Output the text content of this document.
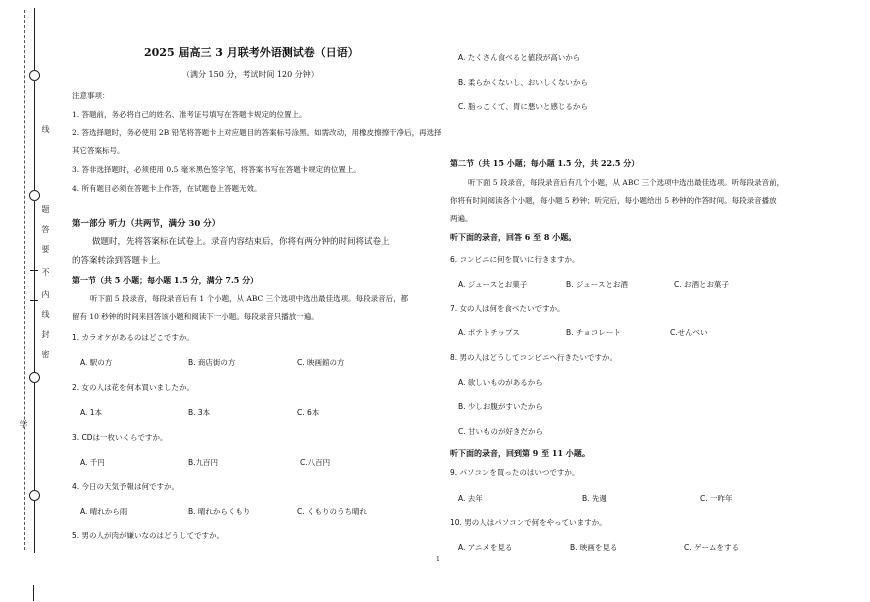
线
题
答
要
不
内
线
封
密
学
2025 届高三 3 月联考外语测试卷（日语）
（满分 150 分，考试时间 120 分钟）
注意事项：
1. 答题前，务必将自己的姓名、准考证号填写在答题卡规定的位置上。
2. 答选择题时，务必使用 2B 铅笔将答题卡上对应题目的答案标号涂黑。如需改动，用橡皮擦擦干净后，再选择
其它答案标号。
3. 答非选择题时，必须使用 0.5 毫米黑色签字笔，将答案书写在答题卡规定的位置上。
4. 所有题目必须在答题卡上作答，在试题卷上答题无效。
第一部分 听力（共两节，满分 30 分）
做题时，先将答案标在试卷上。录音内容结束后，你将有两分钟的时间将试卷上
的答案转涂到答题卡上。
第一节（共 5 小题；每小题 1.5 分，满分 7.5 分）
听下面 5 段录音，每段录音后有 1 个小题，从 ABC 三个选项中选出最佳选项。每段录音后，都
留有 10 秒钟的时间来回答该小题和阅读下一小题。每段录音只播放一遍。
1. カラオケがあるのはどこですか。
A. 駅の方	B. 商店街の方	C. 映画館の方
2. 女の人は花を何本買いましたか。
A. 1本	B. 3本	C. 6本
3. CDは一枚いくらですか。
A. 千円	B.九百円	C.八百円
4. 今日の天気予報は何ですか。
A. 晴れから雨	B. 晴れからくもり	C. くもりのうち晴れ
5. 男の人が肉が嫌いなのはどうしてですか。
A. たくさん食べると値段が高いから
B. 柔らかくないし、おいしくないから
C. 脂っこくて、胃に悪いと感じるから
第二节（共 15 小题；每小题 1.5 分，共 22.5 分）
听下面 5 段录音，每段录音后有几个小题，从 ABC 三个选项中选出最佳选项。听每段录音前，
你将有时间阅读各个小题，每小题 5 秒钟；听完后，每小题给出 5 秒钟的作答时间。每段录音播放
两遍。
听下面的录音，回答 6 至 8 小题。
6. コンビニに何を買いに行きますか。
A. ジュースとお菓子	B. ジュースとお酒	C. お酒とお菓子
7. 女の人は何を食べたいですか。
A. ポテトチップス	B. チョコレート	C.せんべい
8. 男の人はどうしてコンビニへ行きたいですか。
A. 欲しいものがあるから
B. 少しお腹がすいたから
C. 甘いものが好きだから
听下面的录音，回到第 9 至 11 小题。
9. パソコンを買ったのはいつですか。
A. 去年	B. 先週	C. 一昨年
10. 男の人はパソコンで何をやっていますか。
A. アニメを見る	B. 映画を見る	C. ゲームをする
1
